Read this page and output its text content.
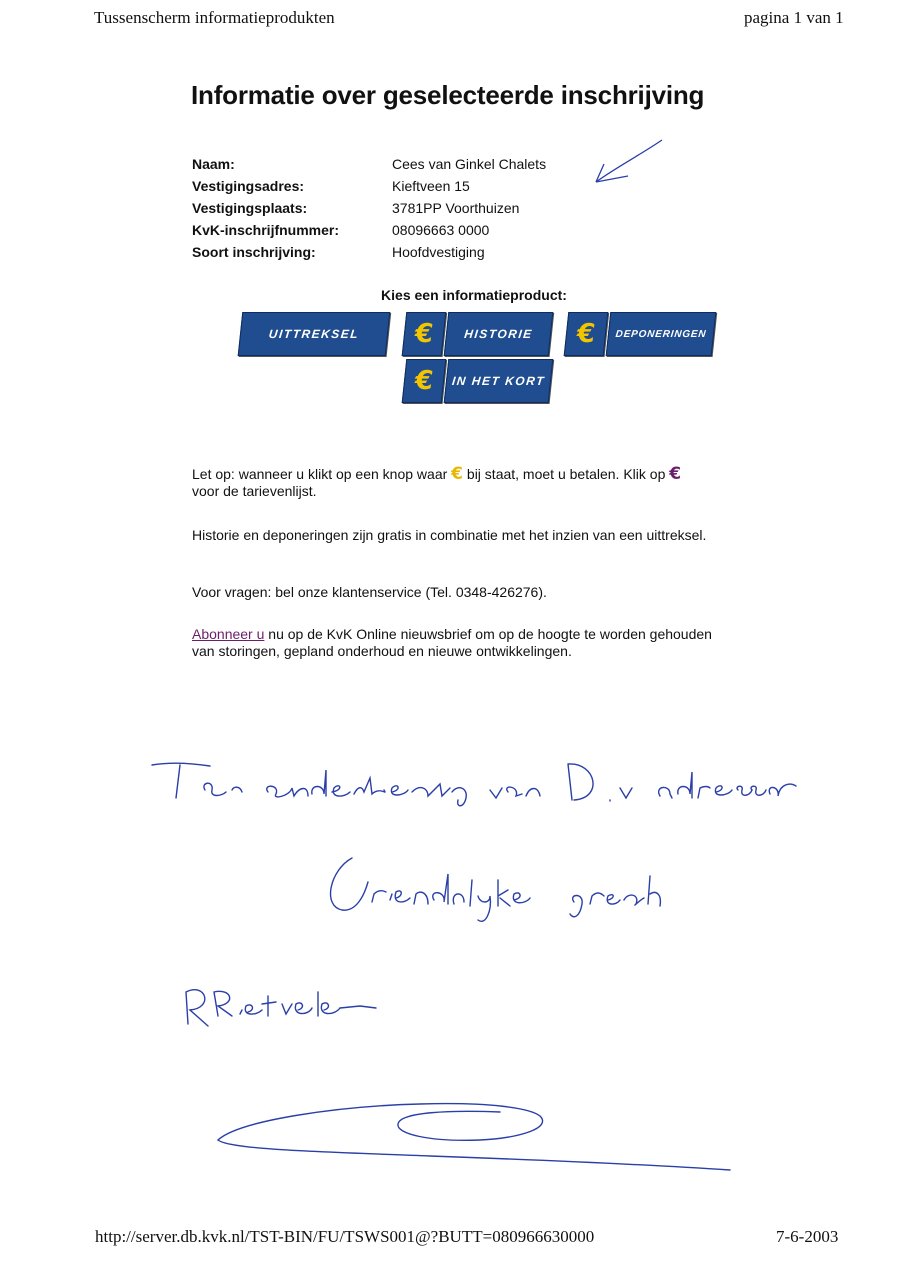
Tussenscherm informatieprodukten	pagina 1 van 1
Informatie over geselecteerde inschrijving
Naam:	Cees van Ginkel Chalets
Vestigingsadres:	Kieftveen 15
Vestigingsplaats:	3781PP Voorthuizen
KvK-inschrijfnummer:	08096663 0000
Soort inschrijving:	Hoofdvestiging
Kies een informatieproduct:
UITTREKSEL € HISTORIE € DEPONERINGEN
€ IN HET KORT
Let op: wanneer u klikt op een knop waar € bij staat, moet u betalen. Klik op €
voor de tarievenlijst.
Historie en deponeringen zijn gratis in combinatie met het inzien van een uittreksel.
Voor vragen: bel onze klantenservice (Tel. 0348-426276).
Abonneer u nu op de KvK Online nieuwsbrief om op de hoogte te worden gehouden van storingen, gepland onderhoud en nieuwe ontwikkelingen.
http://server.db.kvk.nl/TST-BIN/FU/TSWS001@?BUTT=080966630000	7-6-2003
